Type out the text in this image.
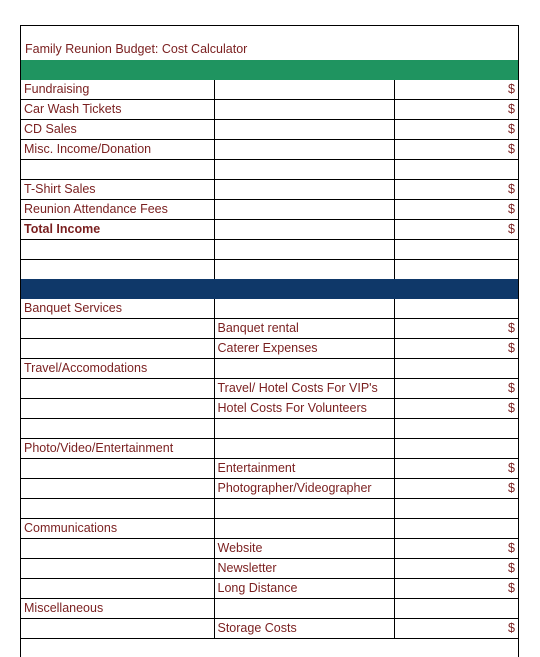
Family Reunion Budget: Cost Calculator
Fundraising		$
Car Wash Tickets		$
CD Sales		$
Misc. Income/Donation		$

T-Shirt Sales		$
Reunion Attendance Fees		$
Total Income		$

Banquet Services		
	Banquet rental	$
	Caterer Expenses	$
Travel/Accomodations		
	Travel/ Hotel Costs For VIP's	$
	Hotel Costs For Volunteers	$

Photo/Video/Entertainment		
	Entertainment	$
	Photographer/Videographer	$

Communications		
	Website	$
	Newsletter	$
	Long Distance	$
Miscellaneous		
	Storage Costs	$
